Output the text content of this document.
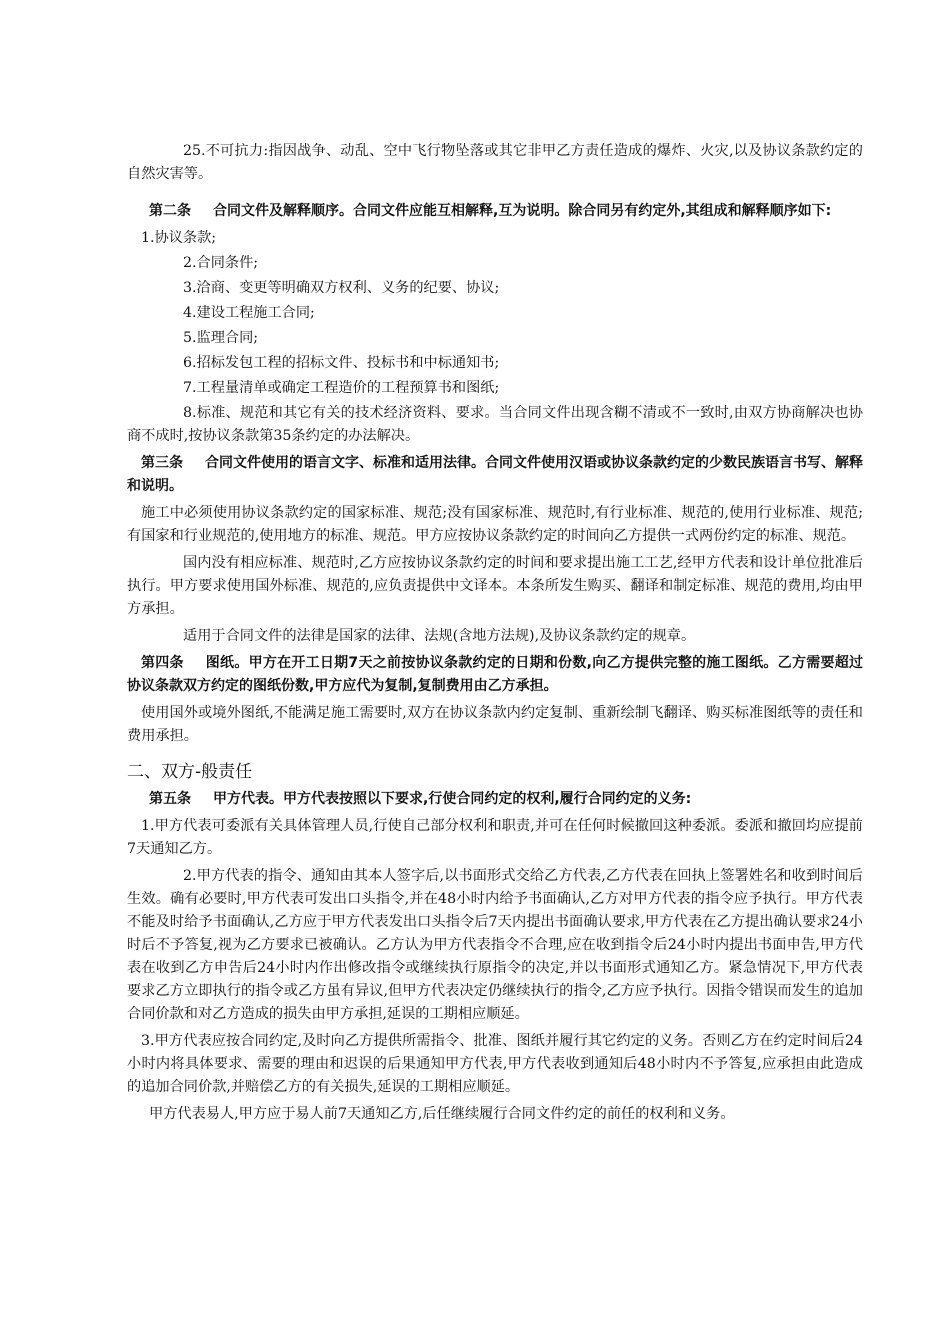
25.不可抗力:指因战争、动乱、空中飞行物坠落或其它非甲乙方责任造成的爆炸、火灾,以及协议条款约定的自然灾害等。

第二条 合同文件及解释顺序。合同文件应能互相解释,互为说明。除合同另有约定外,其组成和解释顺序如下:

1.协议条款;

2.合同条件;

3.洽商、变更等明确双方权利、义务的纪要、协议;

4.建设工程施工合同;

5.监理合同;

6.招标发包工程的招标文件、投标书和中标通知书;

7.工程量清单或确定工程造价的工程预算书和图纸;

8.标准、规范和其它有关的技术经济资料、要求。当合同文件出现含糊不清或不一致时,由双方协商解决也协商不成时,按协议条款第35条约定的办法解决。

第三条 合同文件使用的语言文字、标准和适用法律。合同文件使用汉语或协议条款约定的少数民族语言书写、解释和说明。

施工中必须使用协议条款约定的国家标准、规范;没有国家标准、规范时,有行业标准、规范的,使用行业标准、规范;有国家和行业规范的,使用地方的标准、规范。甲方应按协议条款约定的时间向乙方提供一式两份约定的标准、规范。

国内没有相应标准、规范时,乙方应按协议条款约定的时间和要求提出施工工艺,经甲方代表和设计单位批准后执行。甲方要求使用国外标准、规范的,应负责提供中文译本。本条所发生购买、翻译和制定标准、规范的费用,均由甲方承担。

适用于合同文件的法律是国家的法律、法规(含地方法规),及协议条款约定的规章。

第四条 图纸。甲方在开工日期7天之前按协议条款约定的日期和份数,向乙方提供完整的施工图纸。乙方需要超过协议条款双方约定的图纸份数,甲方应代为复制,复制费用由乙方承担。

使用国外或境外图纸,不能满足施工需要时,双方在协议条款内约定复制、重新绘制飞翻译、购买标准图纸等的责任和费用承担。

二、双方-般责任

第五条 甲方代表。甲方代表按照以下要求,行使合同约定的权利,履行合同约定的义务:

1.甲方代表可委派有关具体管理人员,行使自己部分权利和职责,并可在任何时候撤回这种委派。委派和撤回均应提前7天通知乙方。

2.甲方代表的指令、通知由其本人签字后,以书面形式交给乙方代表,乙方代表在回执上签署姓名和收到时间后生效。确有必要时,甲方代表可发出口头指令,并在48小时内给予书面确认,乙方对甲方代表的指令应予执行。甲方代表不能及时给予书面确认,乙方应于甲方代表发出口头指令后7天内提出书面确认要求,甲方代表在乙方提出确认要求24小时后不予答复,视为乙方要求已被确认。乙方认为甲方代表指令不合理,应在收到指令后24小时内提出书面申告,甲方代表在收到乙方申告后24小时内作出修改指令或继续执行原指令的决定,并以书面形式通知乙方。紧急情况下,甲方代表要求乙方立即执行的指令或乙方虽有异议,但甲方代表决定仍继续执行的指令,乙方应予执行。因指令错误而发生的追加合同价款和对乙方造成的损失由甲方承担,延误的工期相应顺延。

3.甲方代表应按合同约定,及时向乙方提供所需指令、批准、图纸并履行其它约定的义务。否则乙方在约定时间后24小时内将具体要求、需要的理由和迟误的后果通知甲方代表,甲方代表收到通知后48小时内不予答复,应承担由此造成的追加合同价款,并赔偿乙方的有关损失,延误的工期相应顺延。

甲方代表易人,甲方应于易人前7天通知乙方,后任继续履行合同文件约定的前任的权利和义务。
